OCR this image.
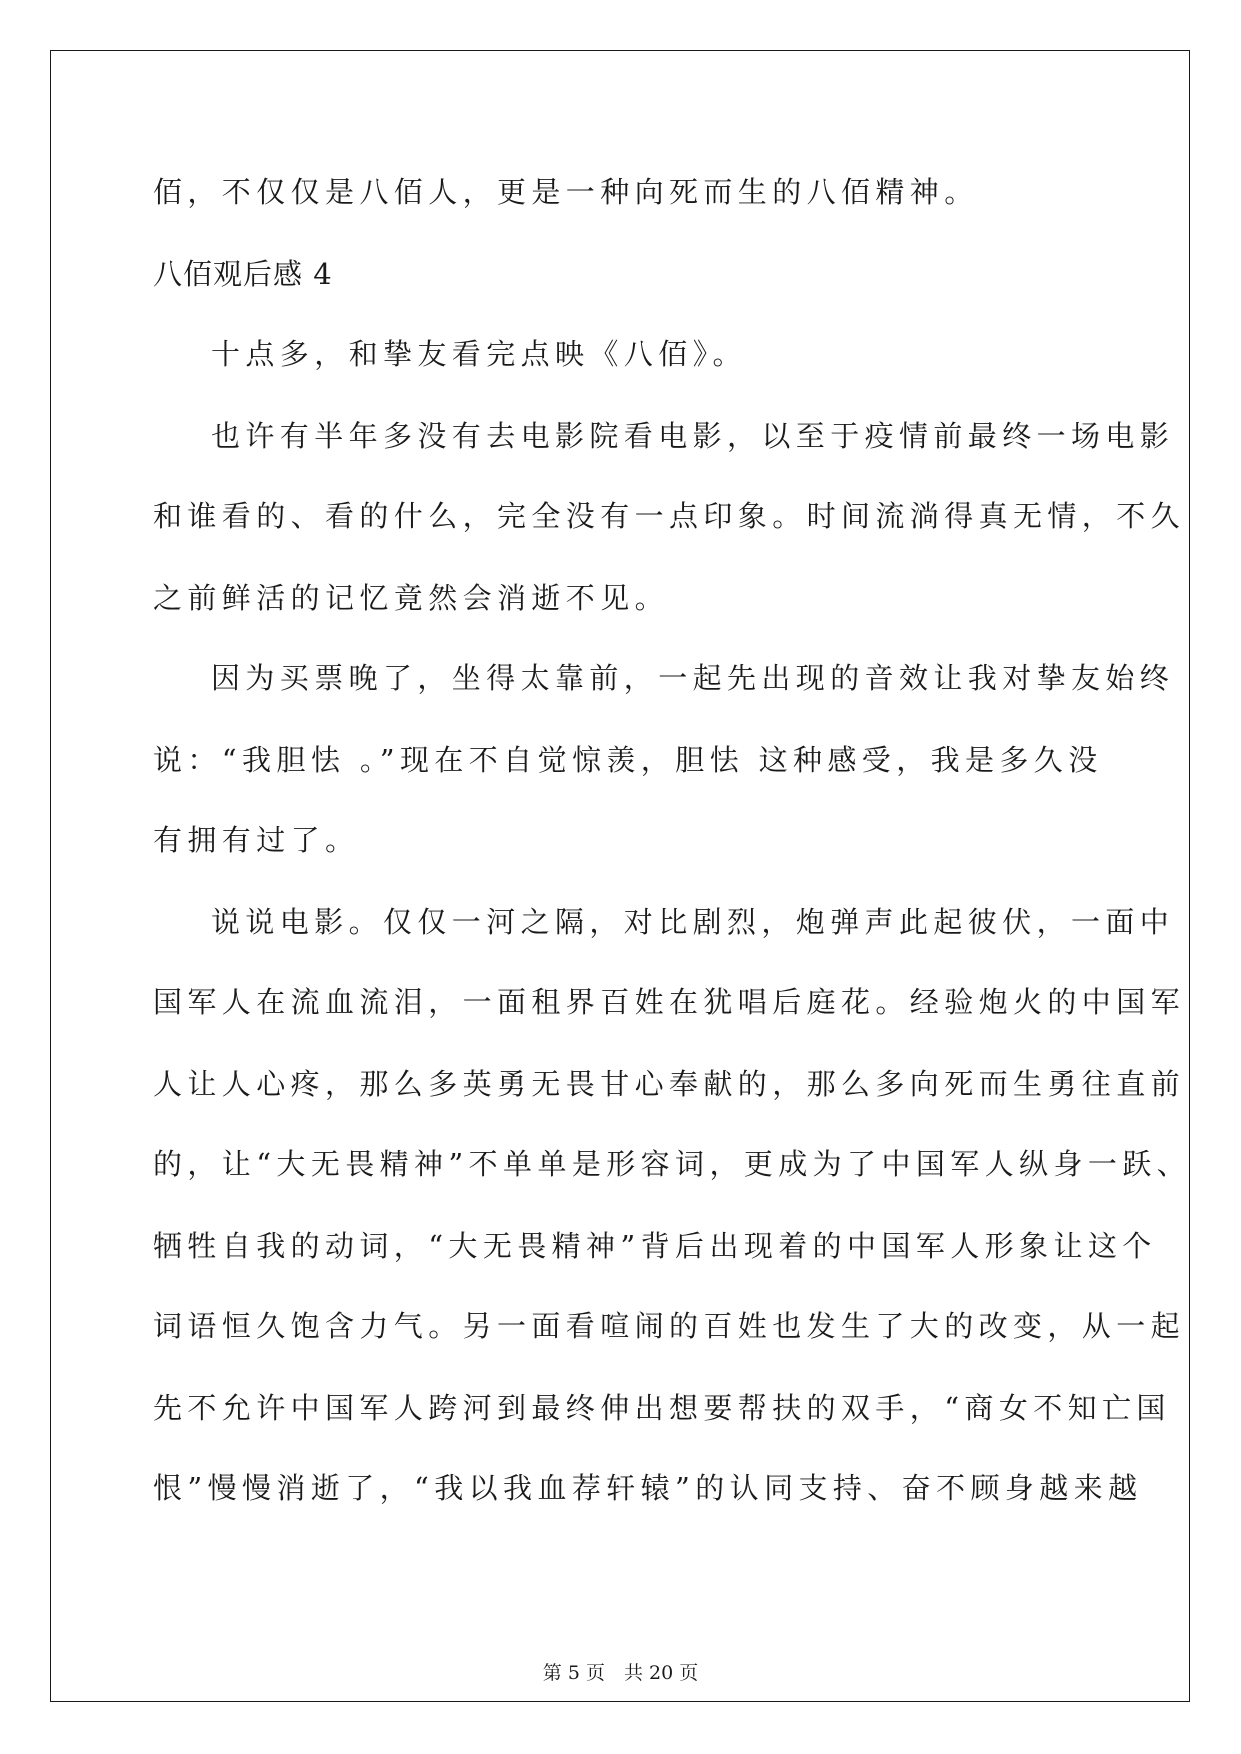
佰，不仅仅是八佰人，更是一种向死而生的八佰精神。

八佰观后感 4

十点多，和挚友看完点映《八佰》。

也许有半年多没有去电影院看电影，以至于疫情前最终一场电影

和谁看的、看的什么，完全没有一点印象。时间流淌得真无情，不久

之前鲜活的记忆竟然会消逝不见。

因为买票晚了，坐得太靠前，一起先出现的音效让我对挚友始终

说：“我胆怯 。”现在不自觉惊羡，胆怯 这种感受，我是多久没

有拥有过了。

说说电影。仅仅一河之隔，对比剧烈，炮弹声此起彼伏，一面中

国军人在流血流泪，一面租界百姓在犹唱后庭花。经验炮火的中国军

人让人心疼，那么多英勇无畏甘心奉献的，那么多向死而生勇往直前

的，让“大无畏精神”不单单是形容词，更成为了中国军人纵身一跃、

牺牲自我的动词，“大无畏精神”背后出现着的中国军人形象让这个

词语恒久饱含力气。另一面看喧闹的百姓也发生了大的改变，从一起

先不允许中国军人跨河到最终伸出想要帮扶的双手，“商女不知亡国

恨”慢慢消逝了，“我以我血荐轩辕”的认同支持、奋不顾身越来越

第 5 页　共 20 页
